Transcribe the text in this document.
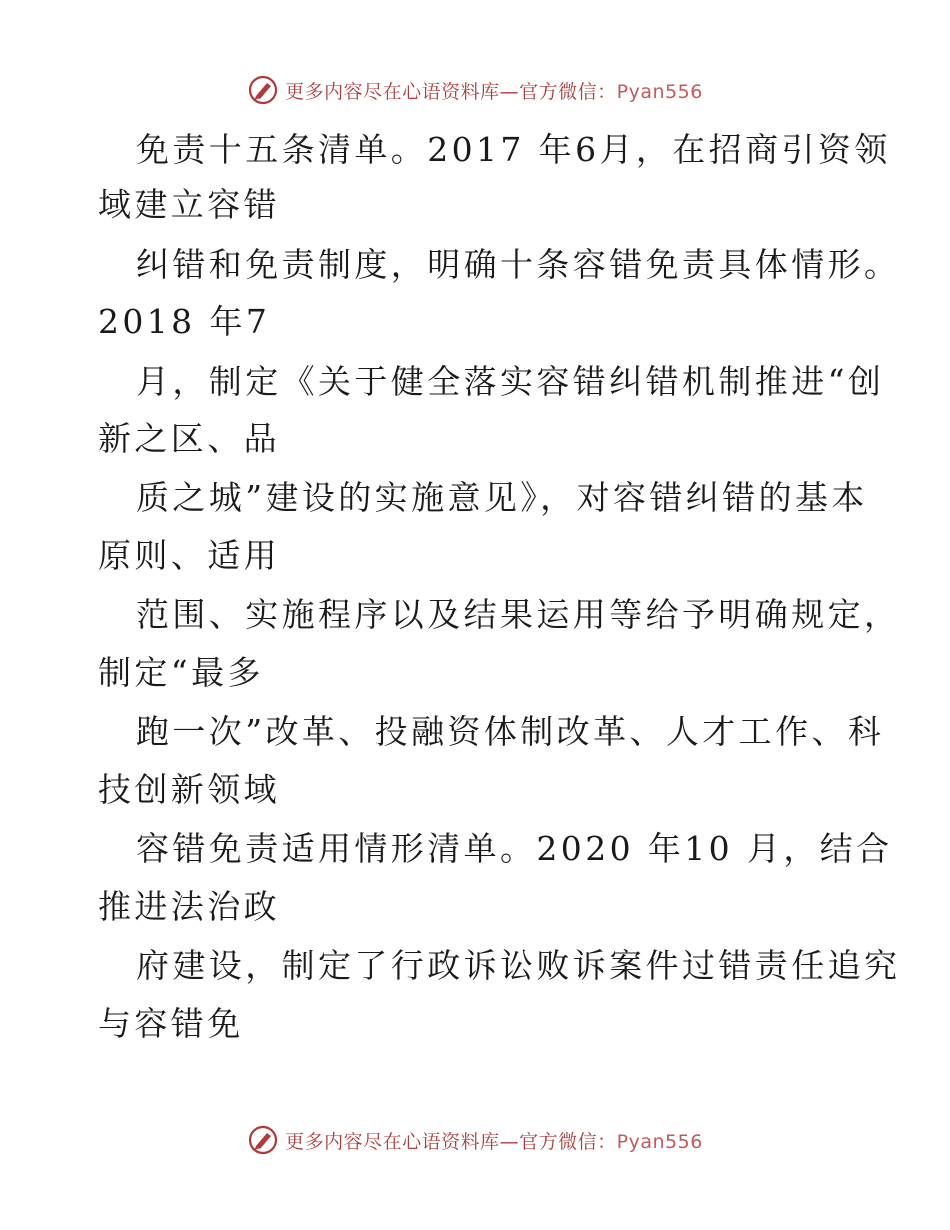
更多内容尽在心语资料库—官方微信：Pyan556
免责十五条清单。2017 年6月，在招商引资领
域建立容错
纠错和免责制度，明确十条容错免责具体情形。
2018 年7
月，制定《关于健全落实容错纠错机制推进“创
新之区、品
质之城”建设的实施意见》，对容错纠错的基本
原则、适用
范围、实施程序以及结果运用等给予明确规定，
制定“最多
跑一次”改革、投融资体制改革、人才工作、科
技创新领域
容错免责适用情形清单。2020 年10 月，结合
推进法治政
府建设，制定了行政诉讼败诉案件过错责任追究
与容错免
更多内容尽在心语资料库—官方微信：Pyan556
